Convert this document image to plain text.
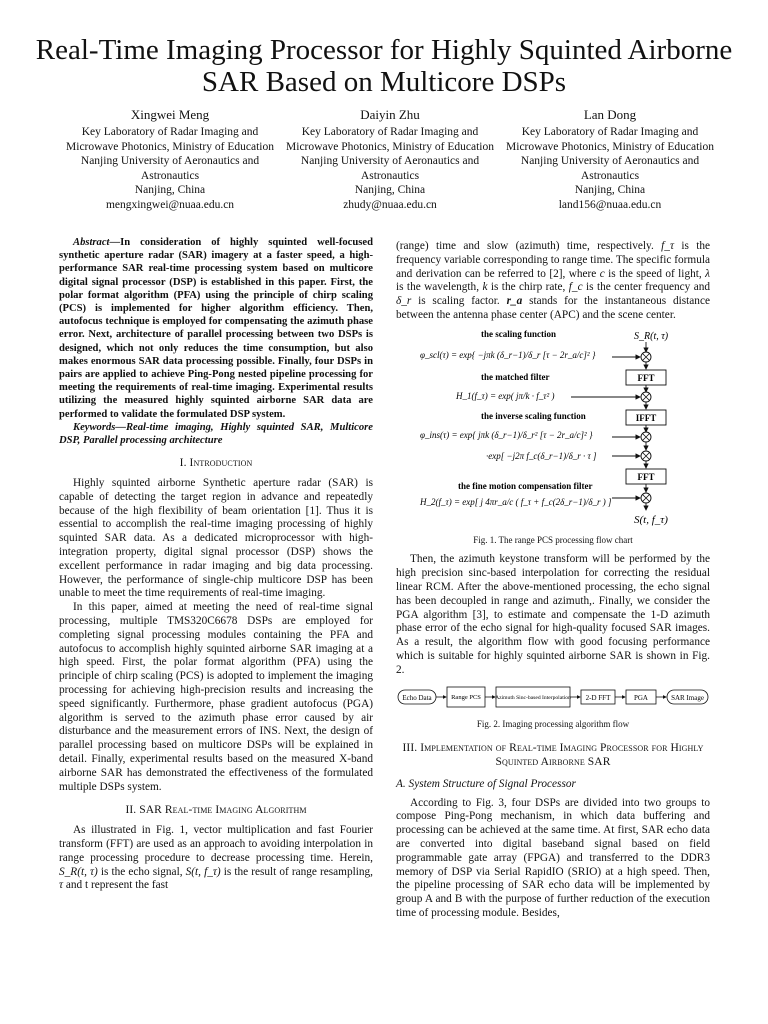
Real-Time Imaging Processor for Highly Squinted Airborne SAR Based on Multicore DSPs
Xingwei Meng
Key Laboratory of Radar Imaging and Microwave Photonics, Ministry of Education
Nanjing University of Aeronautics and Astronautics
Nanjing, China
mengxingwei@nuaa.edu.cn
Daiyin Zhu
Key Laboratory of Radar Imaging and Microwave Photonics, Ministry of Education
Nanjing University of Aeronautics and Astronautics
Nanjing, China
zhudy@nuaa.edu.cn
Lan Dong
Key Laboratory of Radar Imaging and Microwave Photonics, Ministry of Education
Nanjing University of Aeronautics and Astronautics
Nanjing, China
land156@nuaa.edu.cn

Abstract—In consideration of highly squinted well-focused synthetic aperture radar (SAR) imagery at a faster speed, a high-performance SAR real-time processing system based on multicore digital signal processor (DSP) is established in this paper. First, the polar format algorithm (PFA) using the principle of chirp scaling (PCS) is implemented for higher algorithm efficiency. Then, autofocus technique is employed for compensating the azimuth phase error. Next, architecture of parallel processing between two DSPs is designed, which not only reduces the time consumption, but also makes enormous SAR data processing possible. Finally, four DSPs in pairs are applied to achieve Ping-Pong nested pipeline processing for meeting the requirements of real-time imaging. Experimental results utilizing the measured highly squinted airborne SAR data are performed to validate the formulated DSP system.

Keywords—Real-time imaging, Highly squinted SAR, Multicore DSP, Parallel processing architecture

I. Introduction

Highly squinted airborne Synthetic aperture radar (SAR) is capable of detecting the target region in advance and repeatedly because of the high flexibility of beam orientation [1]. Thus it is essential to accomplish the real-time imaging processing of highly squinted SAR data. As a dedicated microprocessor with high-integration property, digital signal processor (DSP) shows the excellent performance in radar imaging and big data processing. However, the performance of single-chip multicore DSP has been unable to meet the time requirements of real-time imaging.

In this paper, aimed at meeting the need of real-time signal processing, multiple TMS320C6678 DSPs are employed for completing signal processing modules containing the PFA and autofocus to accomplish highly squinted airborne SAR imaging at a high speed. First, the polar format algorithm (PFA) using the principle of chirp scaling (PCS) is adopted to implement the imaging processing for achieving high-precision results and increasing the speed significantly. Furthermore, phase gradient autofocus (PGA) algorithm is served to the azimuth phase error caused by air disturbance and the measurement errors of INS. Next, the design of parallel processing based on multicore DSPs will be explained in detail. Finally, experimental results based on the measured X-band airborne SAR has demonstrated the effectiveness of the formulated multiple DSPs system.

II. SAR Real-time Imaging Algorithm

As illustrated in Fig. 1, vector multiplication and fast Fourier transform (FFT) are used as an approach to avoiding interpolation in range processing procedure to decrease processing time. Herein, S_R(t, τ) is the echo signal, S(t, f_τ) is the result of range resampling, τ and t represent the fast

(range) time and slow (azimuth) time, respectively. f_τ is the frequency variable corresponding to range time. The specific formula and derivation can be referred to [2], where c is the speed of light, λ is the wavelength, k is the chirp rate, f_c is the center frequency and δ_r is scaling factor. r_a stands for the instantaneous distance between the antenna phase center (APC) and the scene center.

S_R(t, τ)
the scaling function
φ_scl(τ) = exp{ −jπk (δ_r−1)/δ_r [τ − 2r_a/c]² }
FFT
the matched filter
H_1(f_τ) = exp( jπ/k · f_τ² )
IFFT
the inverse scaling function
φ_ins(τ) = exp{ jπk (δ_r−1)/δ_r² [τ − 2r_a/c]² }
·exp[ −j2π f_c(δ_r−1)/δ_r · τ ]
FFT
the fine motion compensation filter
H_2(f_τ) = exp[ j 4πr_a/c ( f_τ + f_c(2δ_r−1)/δ_r ) ]
S(t, f_τ)
Fig. 1. The range PCS processing flow chart

Then, the azimuth keystone transform will be performed by the high precision sinc-based interpolation for correcting the residual linear RCM. After the above-mentioned processing, the echo signal has been decoupled in range and azimuth,. Finally, we consider the PGA algorithm [3], to estimate and compensate the 1-D azimuth phase error of the echo signal for high-quality focused SAR images. As a result, the algorithm flow with good focusing performance which is suitable for highly squinted airborne SAR is shown in Fig. 2.

Echo Data	Range PCS	Azimuth Sinc-based Interpolation 2-D FFT	PGA	SAR Image
Fig. 2. Imaging processing algorithm flow
III. Implementation of Real-time Imaging Processor for Highly Squinted Airborne SAR
A. System Structure of Signal Processor

According to Fig. 3, four DSPs are divided into two groups to compose Ping-Pong mechanism, in which data buffering and processing can be achieved at the same time. At first, SAR echo data are converted into digital baseband signal based on field programmable gate array (FPGA) and transferred to the DDR3 memory of DSP via Serial RapidIO (SRIO) at a high speed. Then, the pipeline processing of SAR echo data will be implemented by group A and B with the purpose of further reduction of the execution time of processing module. Besides,
